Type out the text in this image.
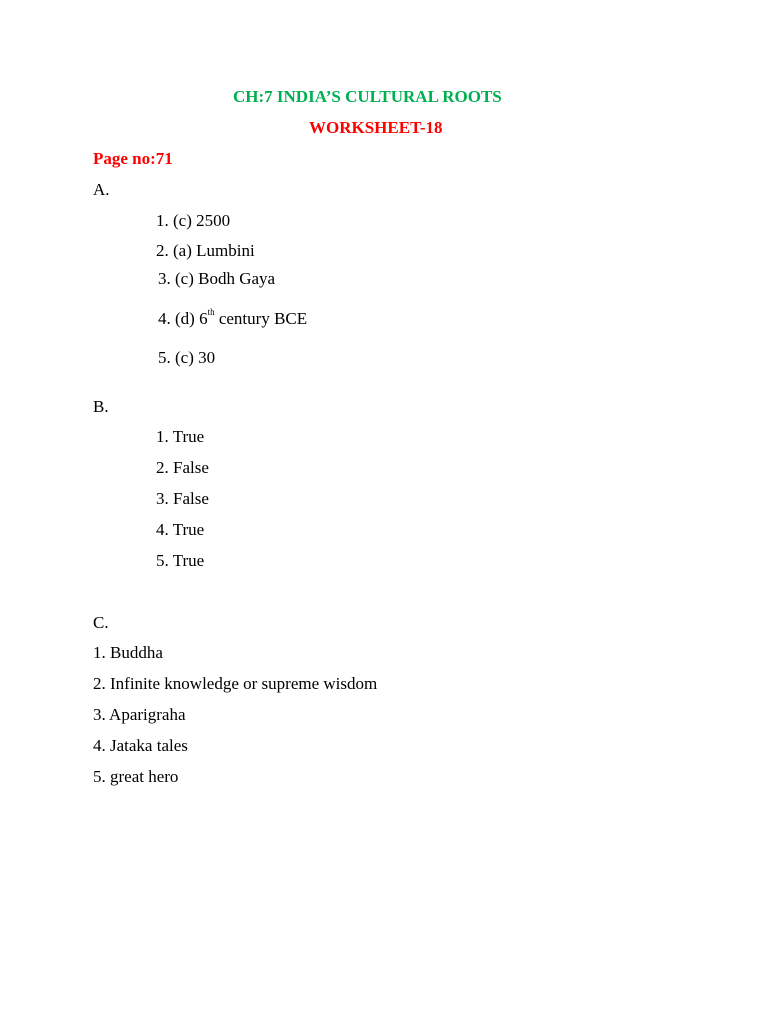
CH:7 INDIA’S CULTURAL ROOTS
WORKSHEET-18
Page no:71
A.
1. (c) 2500
2. (a) Lumbini
3. (c) Bodh Gaya
4. (d) 6th century BCE
5. (c) 30
B.
1. True
2. False
3. False
4. True
5. True
C.
1. Buddha
2. Infinite knowledge or supreme wisdom
3. Aparigraha
4. Jataka tales
5. great hero
